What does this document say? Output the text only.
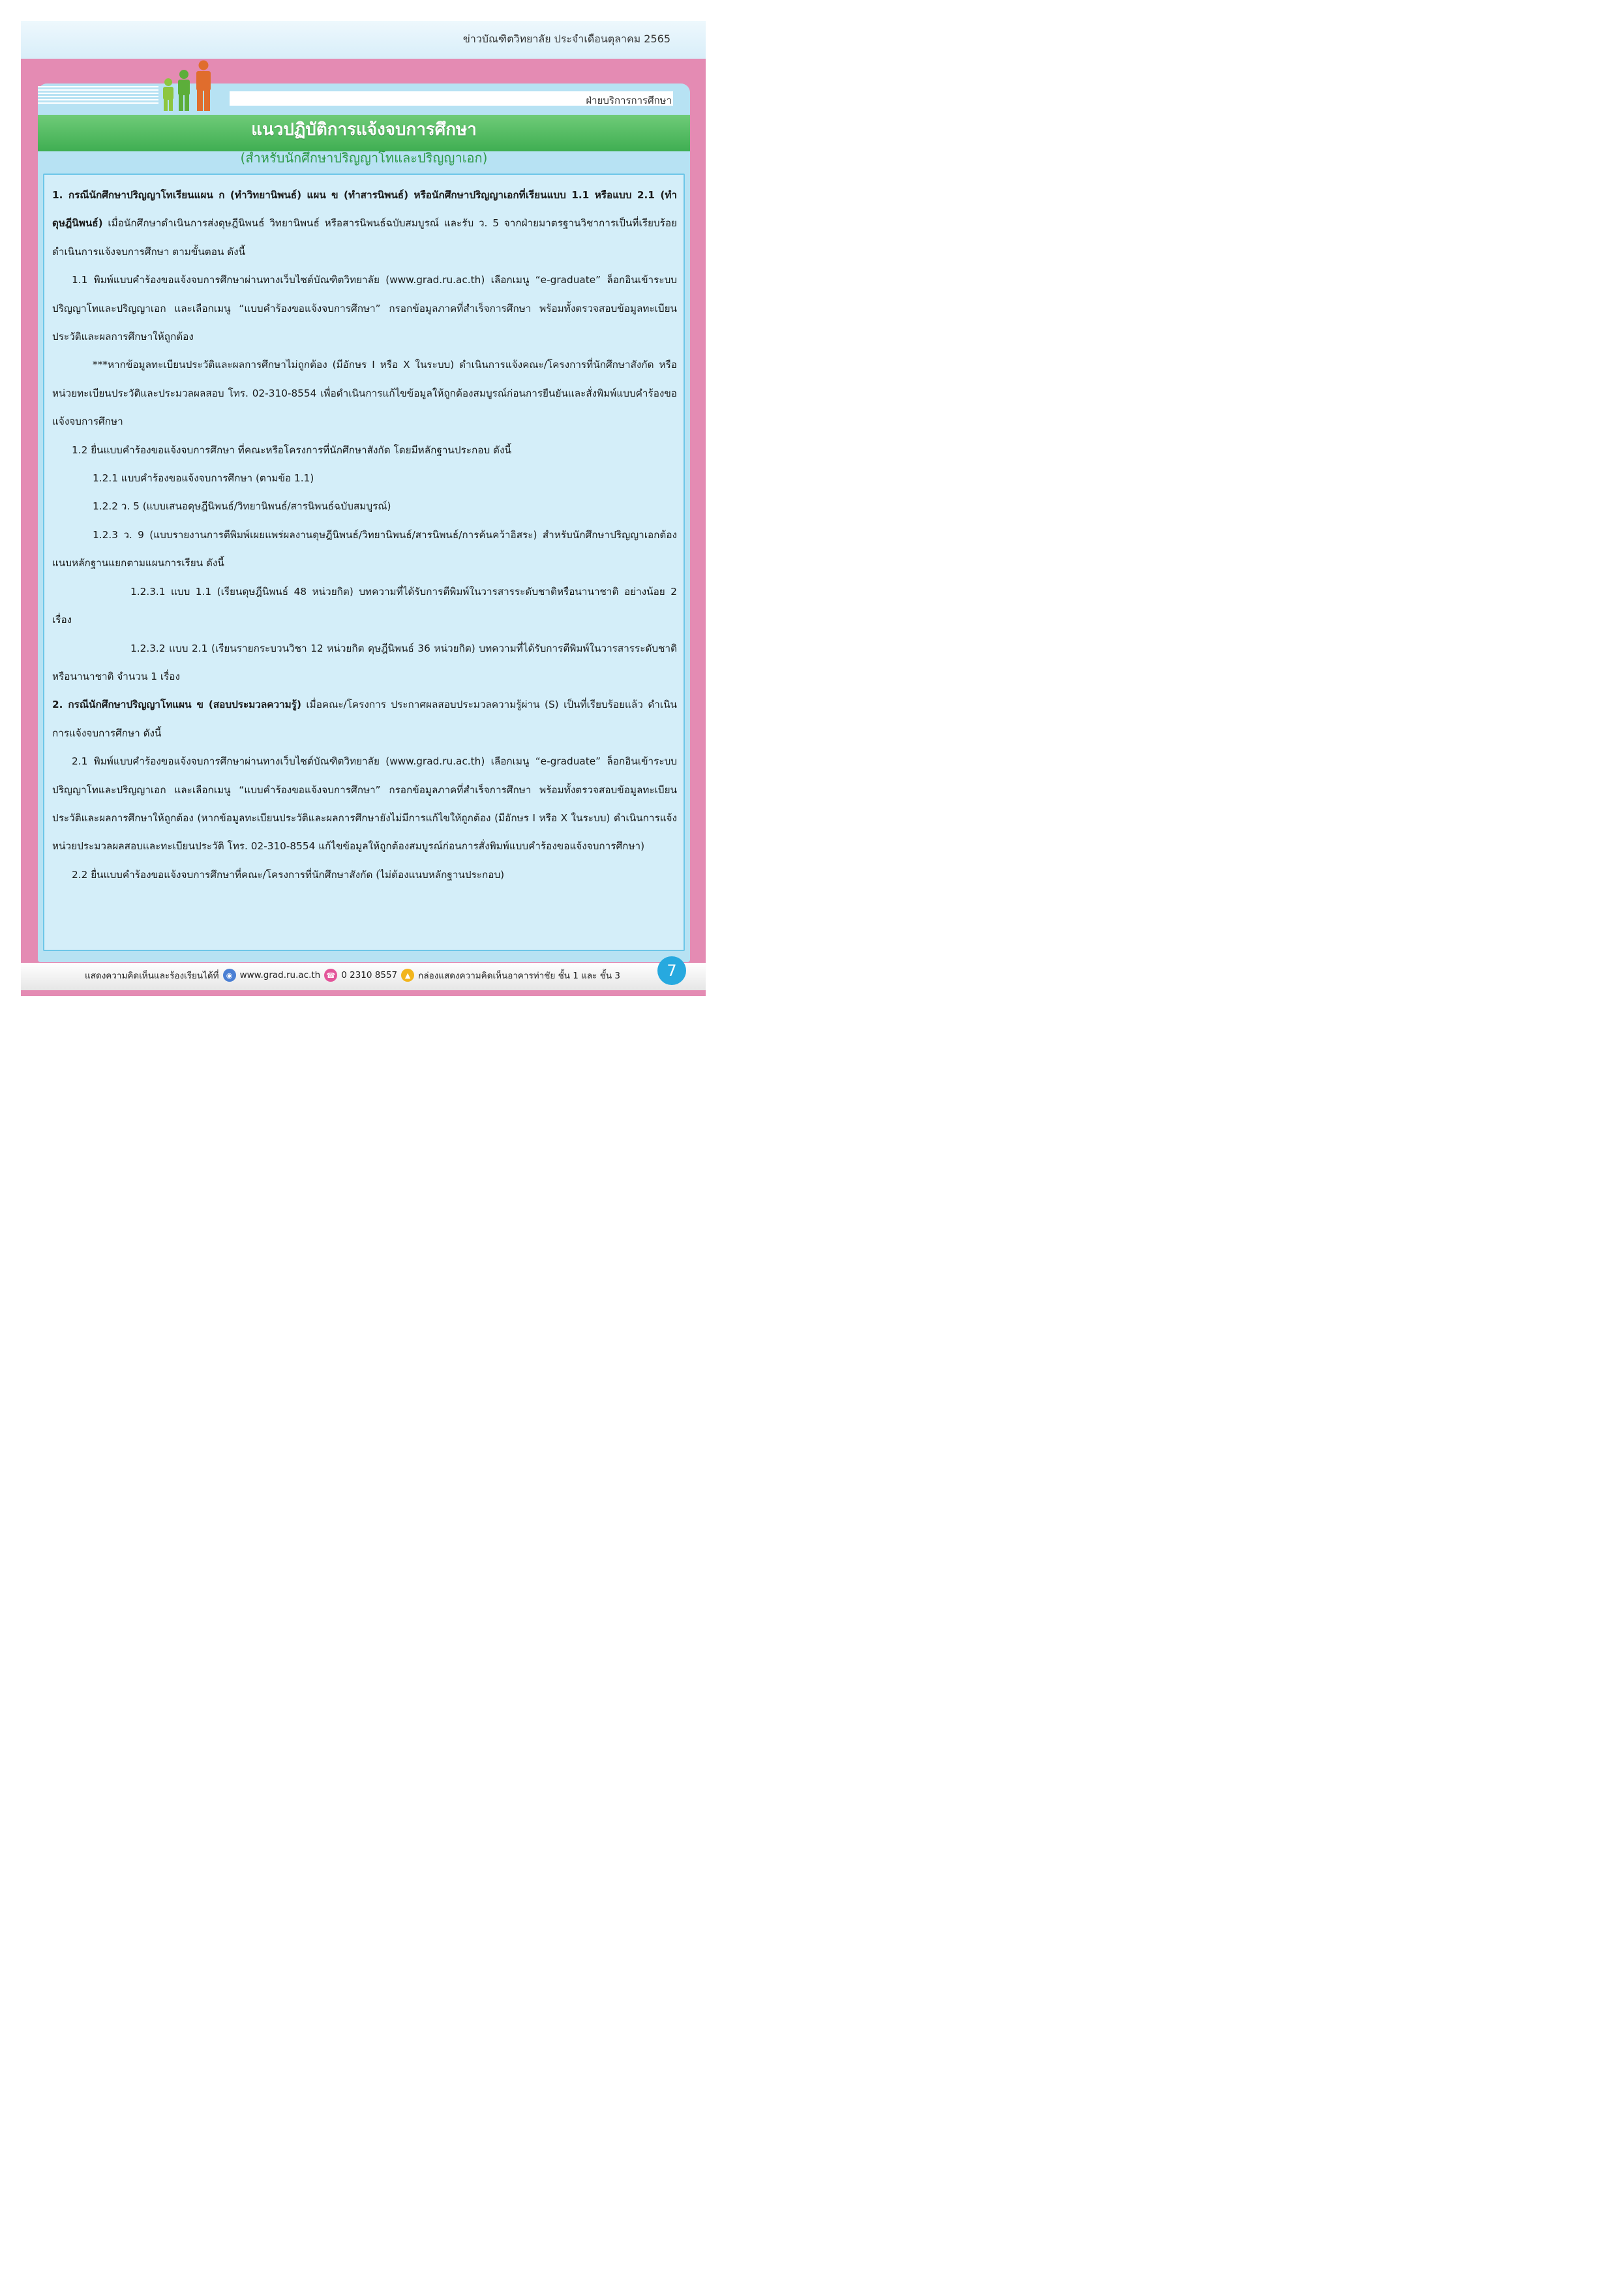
ข่าวบัณฑิตวิทยาลัย ประจำเดือนตุลาคม 2565
ฝ่ายบริการการศึกษา
แนวปฏิบัติการแจ้งจบการศึกษา
(สำหรับนักศึกษาปริญญาโทและปริญญาเอก)

1. กรณีนักศึกษาปริญญาโทเรียนแผน ก (ทำวิทยานิพนธ์) แผน ข (ทำสารนิพนธ์) หรือนักศึกษาปริญญาเอกที่เรียนแบบ 1.1 หรือแบบ 2.1 (ทำดุษฎีนิพนธ์) เมื่อนักศึกษาดำเนินการส่งดุษฎีนิพนธ์ วิทยานิพนธ์ หรือสารนิพนธ์ฉบับสมบูรณ์ และรับ ว. 5 จากฝ่ายมาตรฐานวิชาการเป็นที่เรียบร้อย ดำเนินการแจ้งจบการศึกษา ตามขั้นตอน ดังนี้

1.1 พิมพ์แบบคำร้องขอแจ้งจบการศึกษาผ่านทางเว็บไซต์บัณฑิตวิทยาลัย (www.grad.ru.ac.th) เลือกเมนู “e-graduate” ล็อกอินเข้าระบบปริญญาโทและปริญญาเอก และเลือกเมนู “แบบคำร้องขอแจ้งจบการศึกษา” กรอกข้อมูลภาคที่สำเร็จการศึกษา พร้อมทั้งตรวจสอบข้อมูลทะเบียนประวัติและผลการศึกษาให้ถูกต้อง

***หากข้อมูลทะเบียนประวัติและผลการศึกษาไม่ถูกต้อง (มีอักษร I หรือ X ในระบบ) ดำเนินการแจ้งคณะ/โครงการที่นักศึกษาสังกัด หรือหน่วยทะเบียนประวัติและประมวลผลสอบ โทร. 02-310-8554 เพื่อดำเนินการแก้ไขข้อมูลให้ถูกต้องสมบูรณ์ก่อนการยืนยันและสั่งพิมพ์แบบคำร้องขอแจ้งจบการศึกษา

1.2 ยื่นแบบคำร้องขอแจ้งจบการศึกษา ที่คณะหรือโครงการที่นักศึกษาสังกัด โดยมีหลักฐานประกอบ ดังนี้

1.2.1 แบบคำร้องขอแจ้งจบการศึกษา (ตามข้อ 1.1)

1.2.2 ว. 5 (แบบเสนอดุษฎีนิพนธ์/วิทยานิพนธ์/สารนิพนธ์ฉบับสมบูรณ์)

1.2.3 ว. 9 (แบบรายงานการตีพิมพ์เผยแพร่ผลงานดุษฎีนิพนธ์/วิทยานิพนธ์/สารนิพนธ์/การค้นคว้าอิสระ) สำหรับนักศึกษาปริญญาเอกต้องแนบหลักฐานแยกตามแผนการเรียน ดังนี้

1.2.3.1 แบบ 1.1 (เรียนดุษฎีนิพนธ์ 48 หน่วยกิต) บทความที่ได้รับการตีพิมพ์ในวารสารระดับชาติหรือนานาชาติ อย่างน้อย 2 เรื่อง

1.2.3.2 แบบ 2.1 (เรียนรายกระบวนวิชา 12 หน่วยกิต ดุษฎีนิพนธ์ 36 หน่วยกิต) บทความที่ได้รับการตีพิมพ์ในวารสารระดับชาติหรือนานาชาติ จำนวน 1 เรื่อง

2. กรณีนักศึกษาปริญญาโทแผน ข (สอบประมวลความรู้) เมื่อคณะ/โครงการ ประกาศผลสอบประมวลความรู้ผ่าน (S) เป็นที่เรียบร้อยแล้ว ดำเนินการแจ้งจบการศึกษา ดังนี้

2.1 พิมพ์แบบคำร้องขอแจ้งจบการศึกษาผ่านทางเว็บไซต์บัณฑิตวิทยาลัย (www.grad.ru.ac.th) เลือกเมนู “e-graduate” ล็อกอินเข้าระบบปริญญาโทและปริญญาเอก และเลือกเมนู “แบบคำร้องขอแจ้งจบการศึกษา” กรอกข้อมูลภาคที่สำเร็จการศึกษา พร้อมทั้งตรวจสอบข้อมูลทะเบียนประวัติและผลการศึกษาให้ถูกต้อง (หากข้อมูลทะเบียนประวัติและผลการศึกษายังไม่มีการแก้ไขให้ถูกต้อง (มีอักษร I หรือ X ในระบบ) ดำเนินการแจ้งหน่วยประมวลผลสอบและทะเบียนประวัติ โทร. 02-310-8554 แก้ไขข้อมูลให้ถูกต้องสมบูรณ์ก่อนการสั่งพิมพ์แบบคำร้องขอแจ้งจบการศึกษา)

2.2 ยื่นแบบคำร้องขอแจ้งจบการศึกษาที่คณะ/โครงการที่นักศึกษาสังกัด (ไม่ต้องแนบหลักฐานประกอบ)

แสดงความคิดเห็นและร้องเรียนได้ที่	◉ www.grad.ru.ac.th ☎ 0 2310 8557	▲ กล่องแสดงความคิดเห็นอาคารท่าชัย ชั้น 1 และ ชั้น 3	7
